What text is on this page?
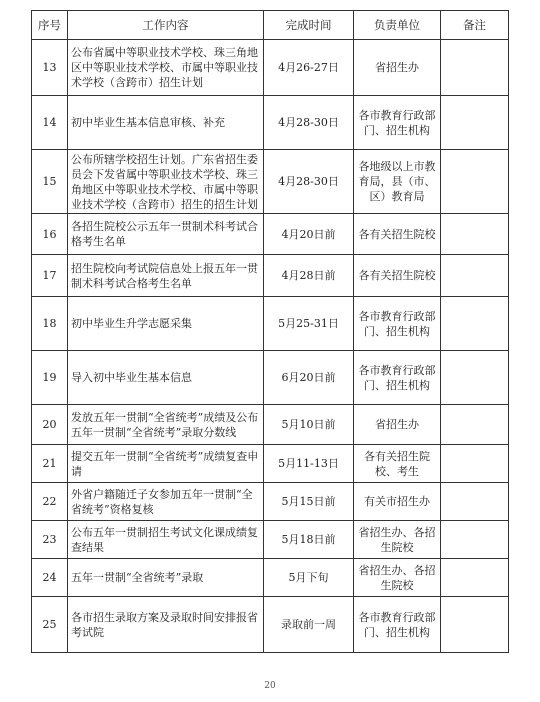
序号	工作内容	完成时间	负责单位	备注
13	公布省属中等职业技术学校、珠三角地区中等职业技术学校、市属中等职业技术学校（含跨市）招生计划	4月26-27日	省招生办	
14	初中毕业生基本信息审核、补充	4月28-30日	各市教育行政部门、招生机构	
15	公布所辖学校招生计划。广东省招生委员会下发省属中等职业技术学校、珠三角地区中等职业技术学校、市属中等职业技术学校（含跨市）招生的招生计划	4月28-30日	各地级以上市教育局，县（市、区）教育局	
16	各招生院校公示五年一贯制术科考试合格考生名单	4月20日前	各有关招生院校	
17	招生院校向考试院信息处上报五年一贯制术科考试合格考生名单	4月28日前	各有关招生院校	
18	初中毕业生升学志愿采集	5月25-31日	各市教育行政部门、招生机构	
19	导入初中毕业生基本信息	6月20日前	各市教育行政部门、招生机构	
20	发放五年一贯制“全省统考”成绩及公布五年一贯制“全省统考”录取分数线	5月10日前	省招生办	
21	提交五年一贯制“全省统考”成绩复查申请	5月11-13日	各有关招生院校、考生	
22	外省户籍随迁子女参加五年一贯制“全省统考”资格复核	5月15日前	有关市招生办	
23	公布五年一贯制招生考试文化课成绩复查结果	5月18日前	省招生办、各招生院校	
24	五年一贯制“全省统考”录取	5月下旬	省招生办、各招生院校	
25	各市招生录取方案及录取时间安排报省考试院	录取前一周	各市教育行政部门、招生机构	
20
